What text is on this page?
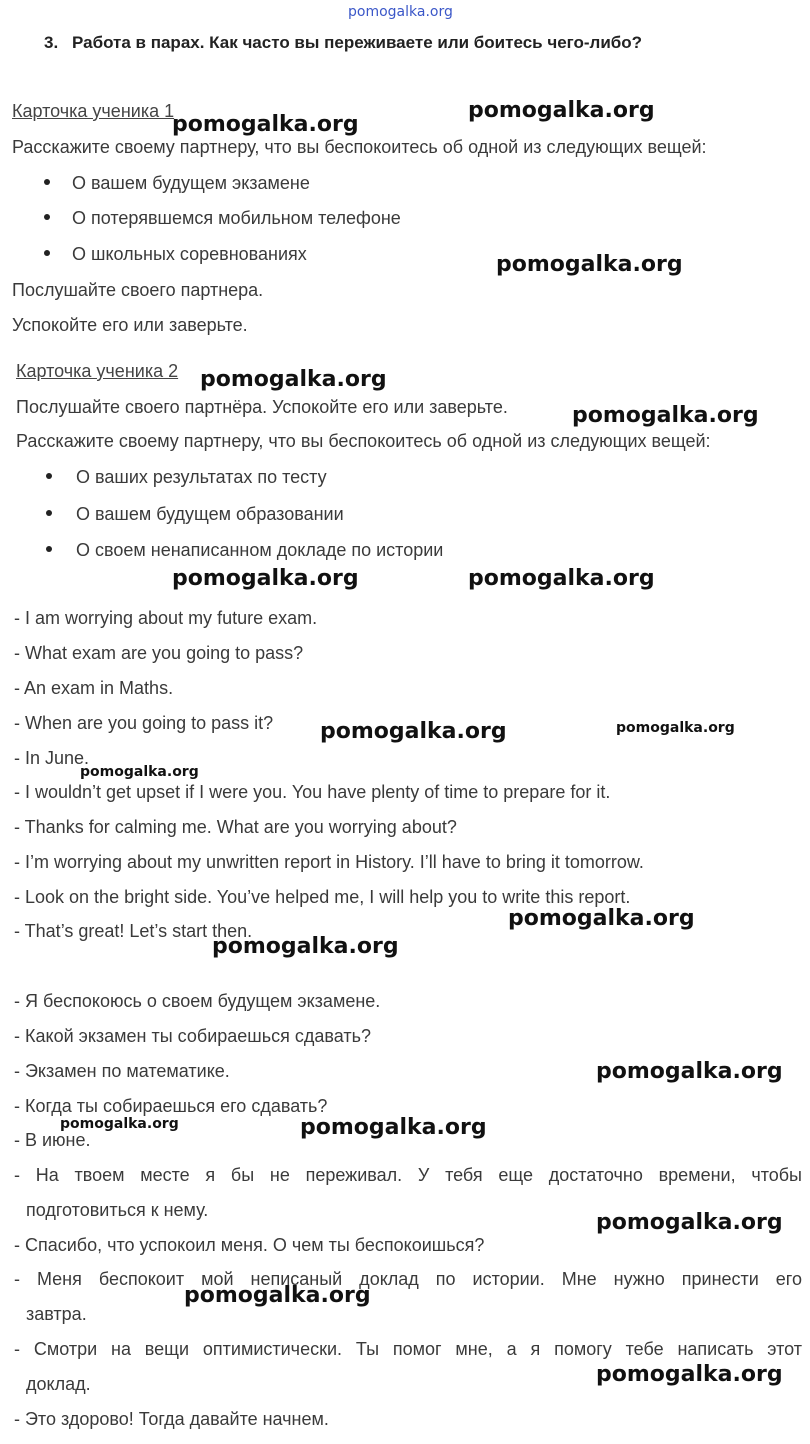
pomogalka.org
3. Работа в парах. Как часто вы переживаете или боитесь чего-либо?
Карточка ученика 1
Расскажите своему партнеру, что вы беспокоитесь об одной из следующих вещей:
О вашем будущем экзамене
О потерявшемся мобильном телефоне
О школьных соревнованиях
Послушайте своего партнера.
Успокойте его или заверьте.
Карточка ученика 2
Послушайте своего партнёра. Успокойте его или заверьте.
Расскажите своему партнеру, что вы беспокоитесь об одной из следующих вещей:
О ваших результатах по тесту
О вашем будущем образовании
О своем ненаписанном докладе по истории
- I am worrying about my future exam.
- What exam are you going to pass?
- An exam in Maths.
- When are you going to pass it?
- In June.
- I wouldn’t get upset if I were you. You have plenty of time to prepare for it.
- Thanks for calming me. What are you worrying about?
- I’m worrying about my unwritten report in History. I’ll have to bring it tomorrow.
- Look on the bright side. You’ve helped me, I will help you to write this report.
- That’s great! Let’s start then.
- Я беспокоюсь о своем будущем экзамене.
- Какой экзамен ты собираешься сдавать?
- Экзамен по математике.
- Когда ты собираешься его сдавать?
- В июне.
- На твоем месте я бы не переживал. У тебя еще достаточно времени, чтобы
подготовиться к нему.
- Спасибо, что успокоил меня. О чем ты беспокоишься?
- Меня беспокоит мой неписаный доклад по истории. Мне нужно принести его
завтра.
- Смотри на вещи оптимистически. Ты помог мне, а я помогу тебе написать этот
доклад.
- Это здорово! Тогда давайте начнем.
pomogalka.org
pomogalka.org
pomogalka.org
pomogalka.org
pomogalka.org
pomogalka.org	pomogalka.org
pomogalka.org	pomogalka.org
pomogalka.org
pomogalka.org
pomogalka.org
pomogalka.org
pomogalka.org	pomogalka.org
pomogalka.org
pomogalka.org
pomogalka.org
